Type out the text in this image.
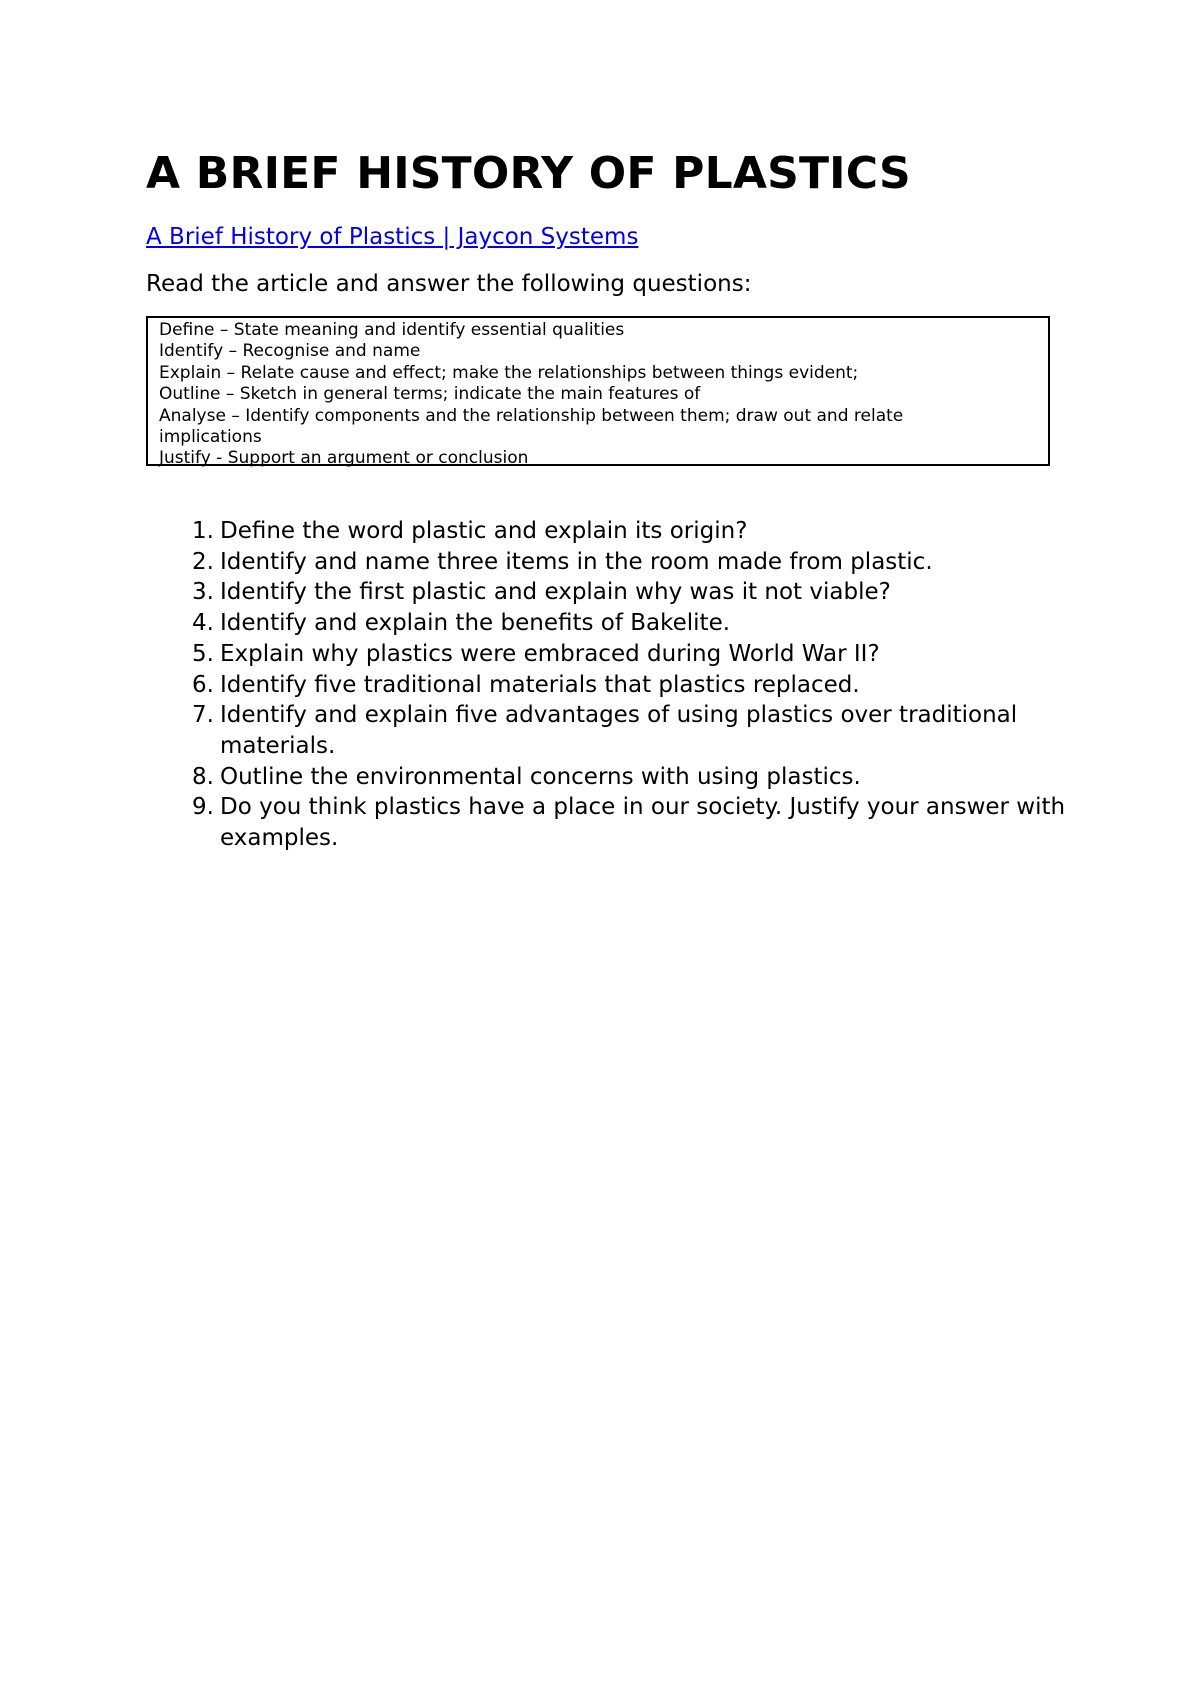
A BRIEF HISTORY OF PLASTICS
A Brief History of Plastics | Jaycon Systems
Read the article and answer the following questions:
Define – State meaning and identify essential qualities
Identify – Recognise and name
Explain – Relate cause and effect; make the relationships between things evident;
Outline – Sketch in general terms; indicate the main features of
Analyse – Identify components and the relationship between them; draw out and relate
implications
Justify - Support an argument or conclusion
1. Define the word plastic and explain its origin?
2. Identify and name three items in the room made from plastic.
3. Identify the first plastic and explain why was it not viable?
4. Identify and explain the benefits of Bakelite.
5. Explain why plastics were embraced during World War II?
6. Identify five traditional materials that plastics replaced.
7. Identify and explain five advantages of using plastics over traditional materials.
8. Outline the environmental concerns with using plastics.
9. Do you think plastics have a place in our society. Justify your answer with examples.
